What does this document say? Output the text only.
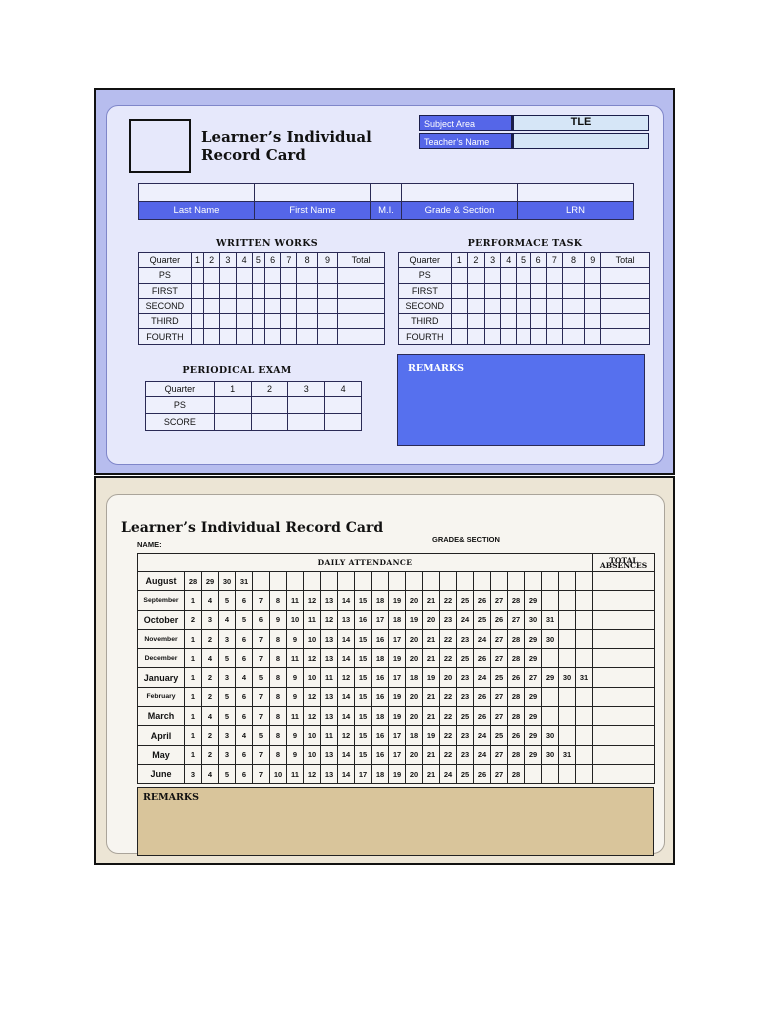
Learner’s Individual
Record Card
Subject Area	TLE
Teacher’s Name

Last Name	First Name	M.I.	Grade & Section	LRN
WRITTEN WORKS
Quarter	1	2	3	4	5	6	7	8	9	Total
PS										
FIRST										
SECOND										
THIRD										
FOURTH										
PERFORMACE TASK
Quarter	1	2	3	4	5	6	7	8	9	Total
PS										
FIRST										
SECOND										
THIRD										
FOURTH										
PERIODICAL EXAM
Quarter	1	2	3	4
PS				
SCORE				
REMARKS
Learner’s Individual Record Card
NAME:
GRADE& SECTION
DAILY ATTENDANCE																									TOTAL ABSENCES
August	28	29	30	31																					
September	1	4	5	6	7	8	11	12	13	14	15	18	19	20	21	22	25	26	27	28	29				
October	2	3	4	5	6	9	10	11	12	13	16	17	18	19	20	23	24	25	26	27	30	31			
November	1	2	3	6	7	8	9	10	13	14	15	16	17	20	21	22	23	24	27	28	29	30			
December	1	4	5	6	7	8	11	12	13	14	15	18	19	20	21	22	25	26	27	28	29				
January	1	2	3	4	5	8	9	10	11	12	15	16	17	18	19	20	23	24	25	26	27	29	30	31	
February	1	2	5	6	7	8	9	12	13	14	15	16	19	20	21	22	23	26	27	28	29				
March	1	4	5	6	7	8	11	12	13	14	15	18	19	20	21	22	25	26	27	28	29				
April	1	2	3	4	5	8	9	10	11	12	15	16	17	18	19	22	23	24	25	26	29	30			
May	1	2	3	6	7	8	9	10	13	14	15	16	17	20	21	22	23	24	27	28	29	30	31		
June	3	4	5	6	7	10	11	12	13	14	17	18	19	20	21	24	25	26	27	28					
REMARKS
